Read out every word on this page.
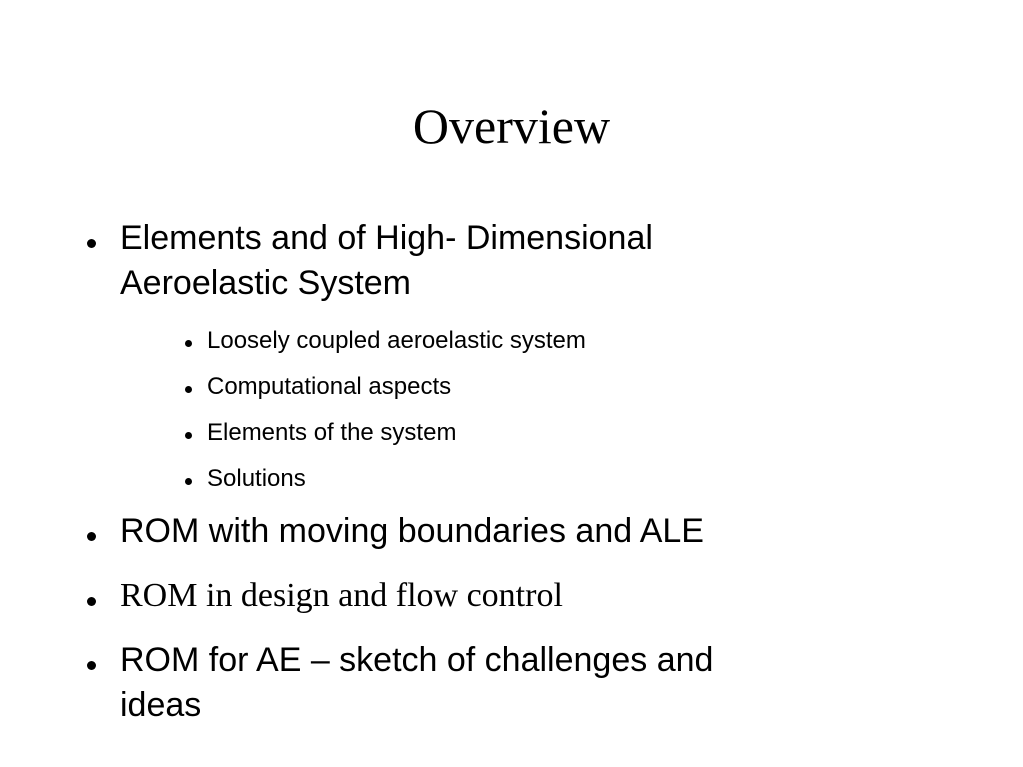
Overview
Elements and of High- Dimensional
Aeroelastic System
Loosely coupled aeroelastic system
Computational aspects
Elements of the system
Solutions
ROM with moving boundaries and ALE
ROM in design and flow control
ROM for AE – sketch of challenges and
ideas
